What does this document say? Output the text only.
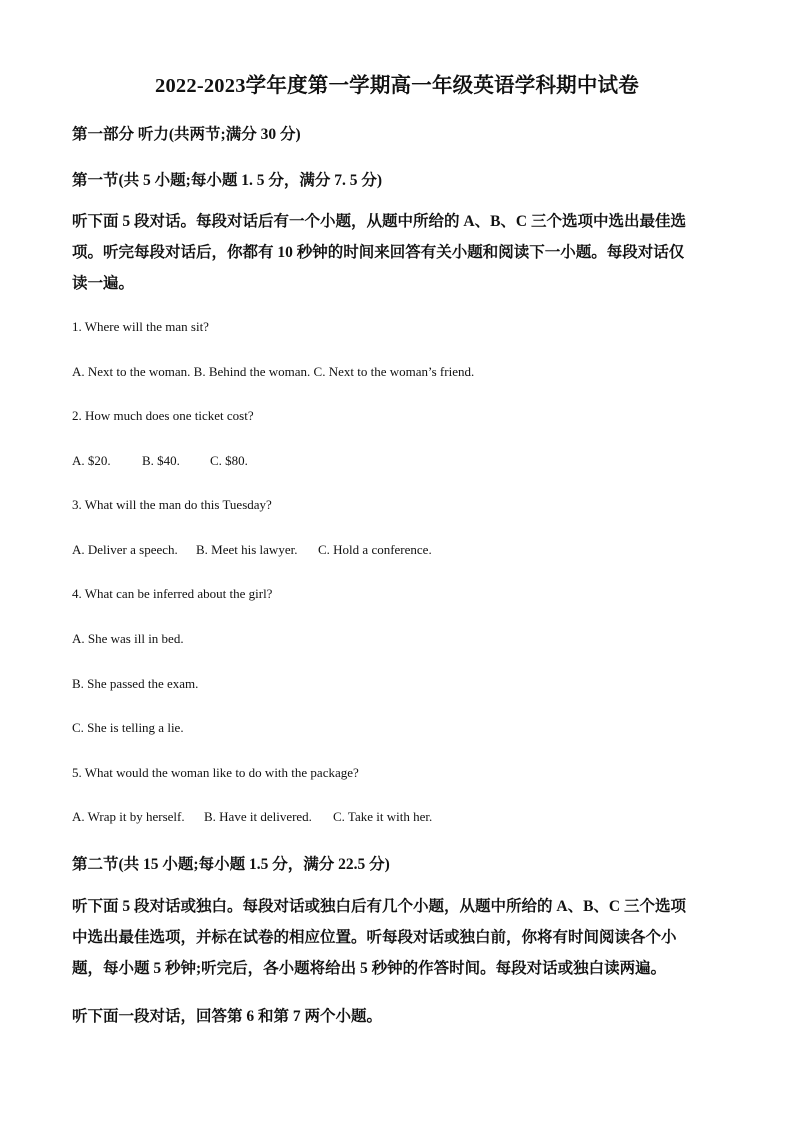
2022-2023学年度第一学期高一年级英语学科期中试卷
第一部分 听力(共两节;满分 30 分)
第一节(共 5 小题;每小题 1. 5 分，满分 7. 5 分)
听下面 5 段对话。每段对话后有一个小题，从题中所给的 A、B、C 三个选项中选出最佳选
项。听完每段对话后，你都有 10 秒钟的时间来回答有关小题和阅读下一小题。每段对话仅
读一遍。
1. Where will the man sit?
A. Next to the woman. B. Behind the woman. C. Next to the woman’s friend.
2. How much does one ticket cost?
A. $20. B. $40. C. $80.
3. What will the man do this Tuesday?
A. Deliver a speech. B. Meet his lawyer. C. Hold a conference.
4. What can be inferred about the girl?
A. She was ill in bed.
B. She passed the exam.
C. She is telling a lie.
5. What would the woman like to do with the package?
A. Wrap it by herself. B. Have it delivered. C. Take it with her.
第二节(共 15 小题;每小题 1.5 分，满分 22.5 分)
听下面 5 段对话或独白。每段对话或独白后有几个小题，从题中所给的 A、B、C 三个选项
中选出最佳选项，并标在试卷的相应位置。听每段对话或独白前，你将有时间阅读各个小
题，每小题 5 秒钟;听完后，各小题将给出 5 秒钟的作答时间。每段对话或独白读两遍。
听下面一段对话，回答第 6 和第 7 两个小题。
